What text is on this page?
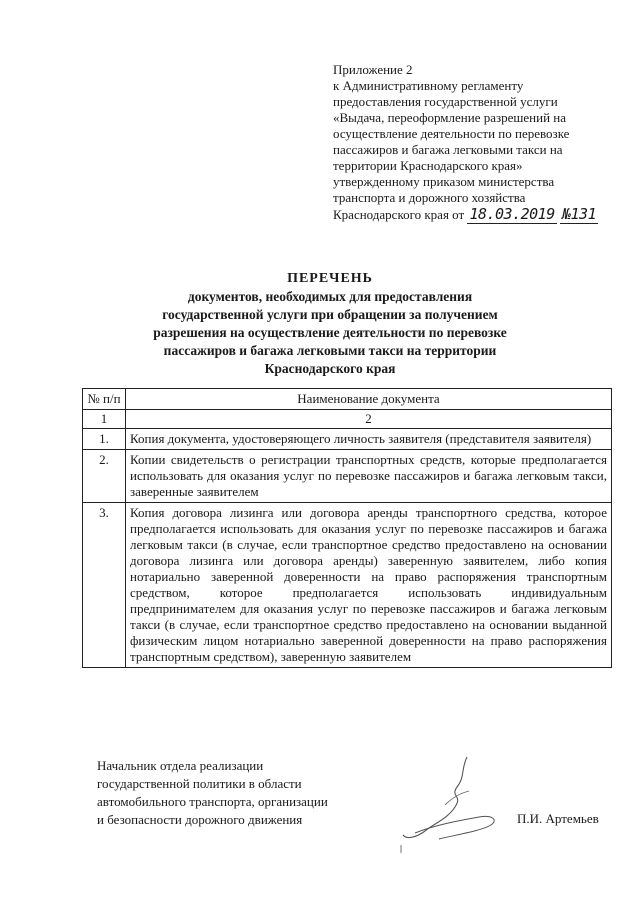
Приложение 2
к Административному регламенту
предоставления государственной услуги
«Выдача, переоформление разрешений на
осуществление деятельности по перевозке
пассажиров и багажа легковыми такси на
территории Краснодарского края»
утвержденному приказом министерства
транспорта и дорожного хозяйства
Краснодарского края от 18.03.2019 №131
ПЕРЕЧЕНЬ
документов, необходимых для предоставления
государственной услуги при обращении за получением
разрешения на осуществление деятельности по перевозке
пассажиров и багажа легковыми такси на территории
Краснодарского края
№ п/п	Наименование документа
1	2
1.	Копия документа, удостоверяющего личность заявителя (представителя заявителя)
2.	Копии свидетельств о регистрации транспортных средств, которые предполагается использовать для оказания услуг по перевозке пассажиров и багажа легковым такси, заверенные заявителем
3.	Копия договора лизинга или договора аренды транспортного средства, которое предполагается использовать для оказания услуг по перевозке пассажиров и багажа легковым такси (в случае, если транспортное средство предоставлено на основании договора лизинга или договора аренды) заверенную заявителем, либо копия нотариально заверенной доверенности на право распоряжения транспортным средством, которое предполагается использовать индивидуальным предпринимателем для оказания услуг по перевозке пассажиров и багажа легковым такси (в случае, если транспортное средство предоставлено на основании выданной физическим лицом нотариально заверенной доверенности на право распоряжения транспортным средством), заверенную заявителем
Начальник отдела реализации
государственной политики в области
автомобильного транспорта, организации
и безопасности дорожного движения	П.И. Артемьев
